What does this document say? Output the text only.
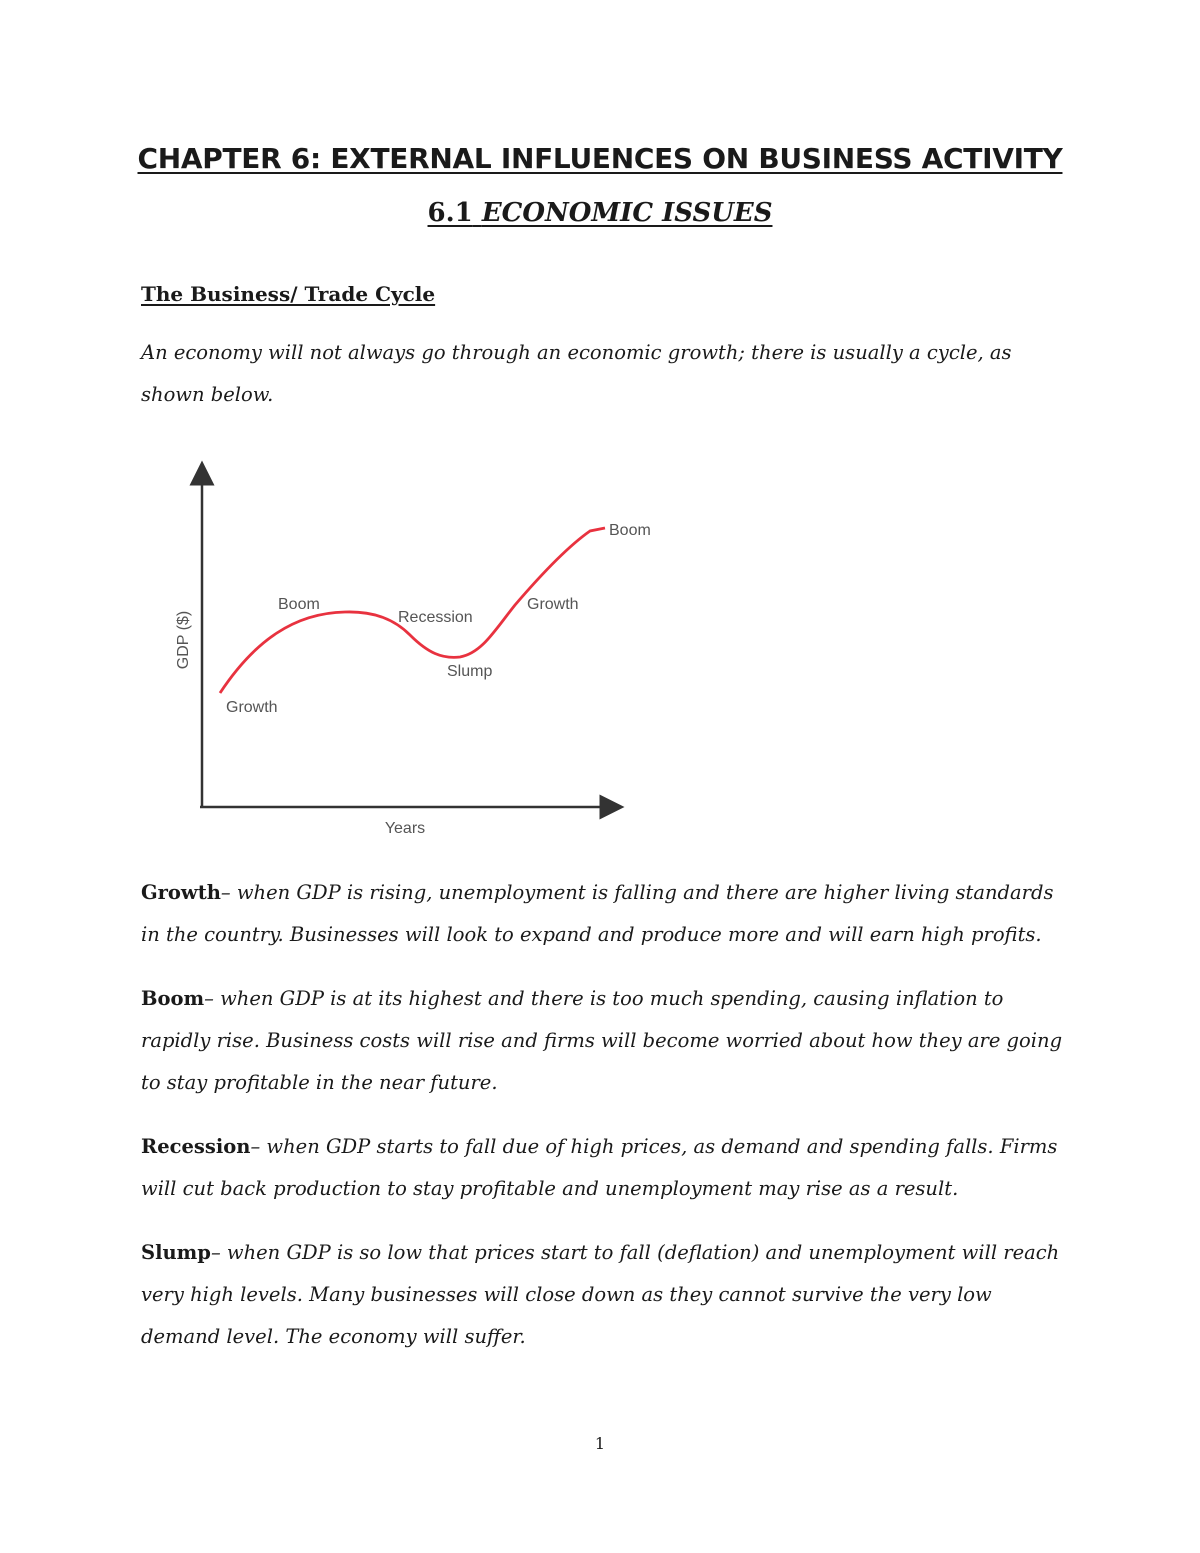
CHAPTER 6: EXTERNAL INFLUENCES ON BUSINESS ACTIVITY
6.1 ECONOMIC ISSUES
The Business/ Trade Cycle

An economy will not always go through an economic growth; there is usually a cycle, as shown below.

Years
GDP ($)
Growth
Boom
Recession
Slump
Growth
Boom

Growth– when GDP is rising, unemployment is falling and there are higher living standards in the country. Businesses will look to expand and produce more and will earn high profits.

Boom– when GDP is at its highest and there is too much spending, causing inflation to rapidly rise. Business costs will rise and firms will become worried about how they are going to stay profitable in the near future.

Recession– when GDP starts to fall due of high prices, as demand and spending falls. Firms will cut back production to stay profitable and unemployment may rise as a result.

Slump– when GDP is so low that prices start to fall (deflation) and unemployment will reach very high levels. Many businesses will close down as they cannot survive the very low demand level. The economy will suffer.

1
